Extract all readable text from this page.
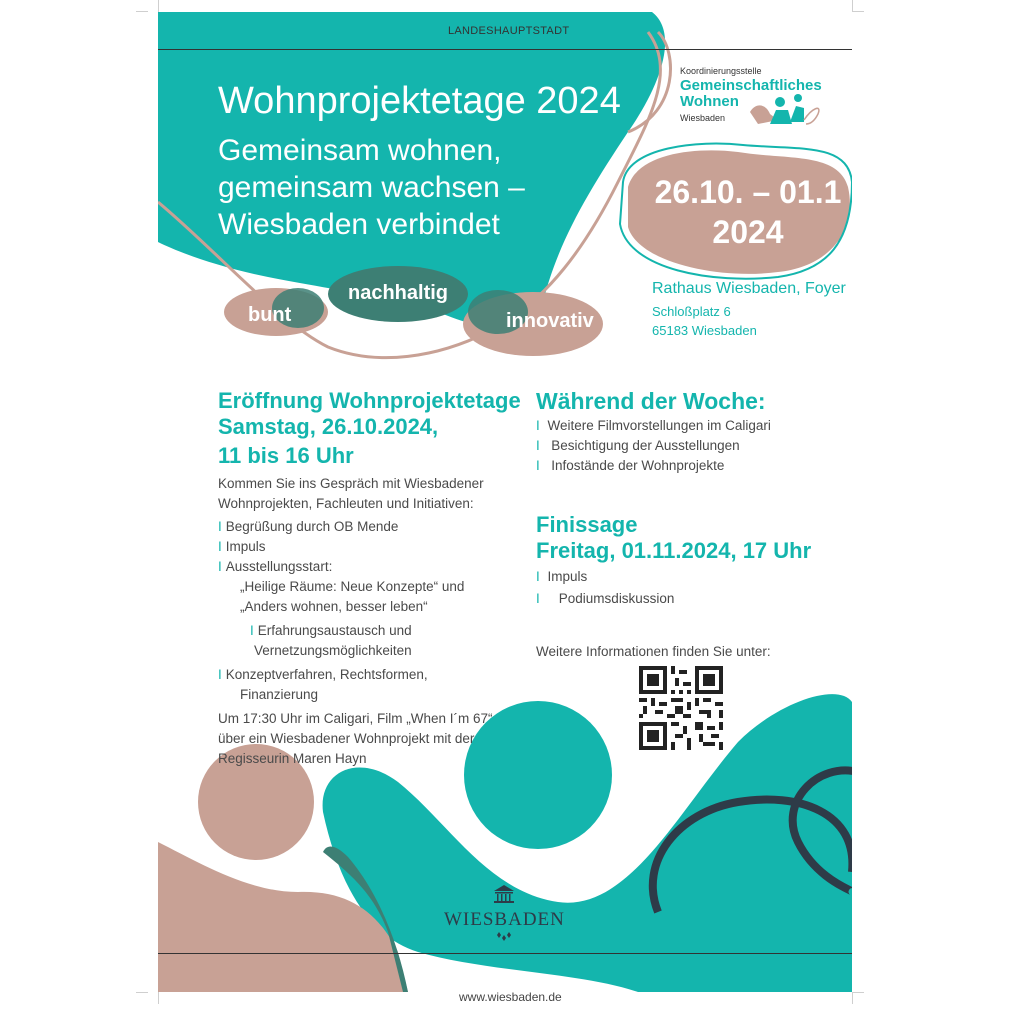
LANDESHAUPTSTADT
Wohnprojektetage 2024
Gemeinsam wohnen,
gemeinsam wachsen –
Wiesbaden verbindet
bunt
nachhaltig
innovativ
Koordinierungsstelle
Gemeinschaftliches
Wohnen
Wiesbaden
26.10. – 01.1
2024
Rathaus Wiesbaden, Foyer
Schloßplatz 6
65183 Wiesbaden
Eröffnung Wohnprojektetage
Samstag, 26.10.2024,
11 bis 16 Uhr
Kommen Sie ins Gespräch mit Wiesbadener
Wohnprojekten, Fachleuten und Initiativen:
I Begrüßung durch OB Mende
I Impuls
I Ausstellungsstart:
„Heilige Räume: Neue Konzepte“ und
„Anders wohnen, besser leben“
I Erfahrungsaustausch und
Vernetzungsmöglichkeiten
I Konzeptverfahren, Rechtsformen,
Finanzierung
Um 17:30 Uhr im Caligari, Film „When I´m 67“
über ein Wiesbadener Wohnprojekt mit der
Regisseurin Maren Hayn
Während der Woche:
I Weitere Filmvorstellungen im Caligari
I Besichtigung der Ausstellungen
I Infostände der Wohnprojekte
Finissage
Freitag, 01.11.2024, 17 Uhr
I Impuls
I Podiumsdiskussion
Weitere Informationen finden Sie unter:
WIESBADEN
www.wiesbaden.de
